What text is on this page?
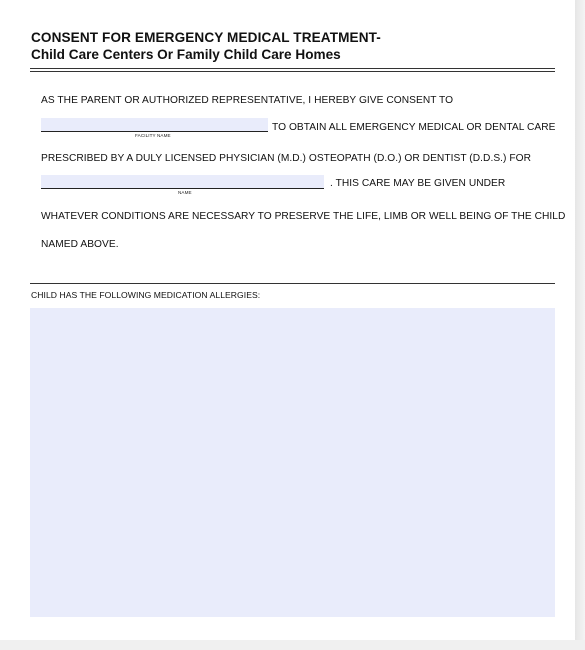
CONSENT FOR EMERGENCY MEDICAL TREATMENT-
Child Care Centers Or Family Child Care Homes
AS THE PARENT OR AUTHORIZED REPRESENTATIVE, I HEREBY GIVE CONSENT TO
FACILITY NAME
TO OBTAIN ALL EMERGENCY MEDICAL OR DENTAL CARE
PRESCRIBED BY A DULY LICENSED PHYSICIAN (M.D.) OSTEOPATH (D.O.) OR DENTIST (D.D.S.) FOR
NAME
. THIS CARE MAY BE GIVEN UNDER
WHATEVER CONDITIONS ARE NECESSARY TO PRESERVE THE LIFE, LIMB OR WELL BEING OF THE CHILD
NAMED ABOVE.
CHILD HAS THE FOLLOWING MEDICATION ALLERGIES:
